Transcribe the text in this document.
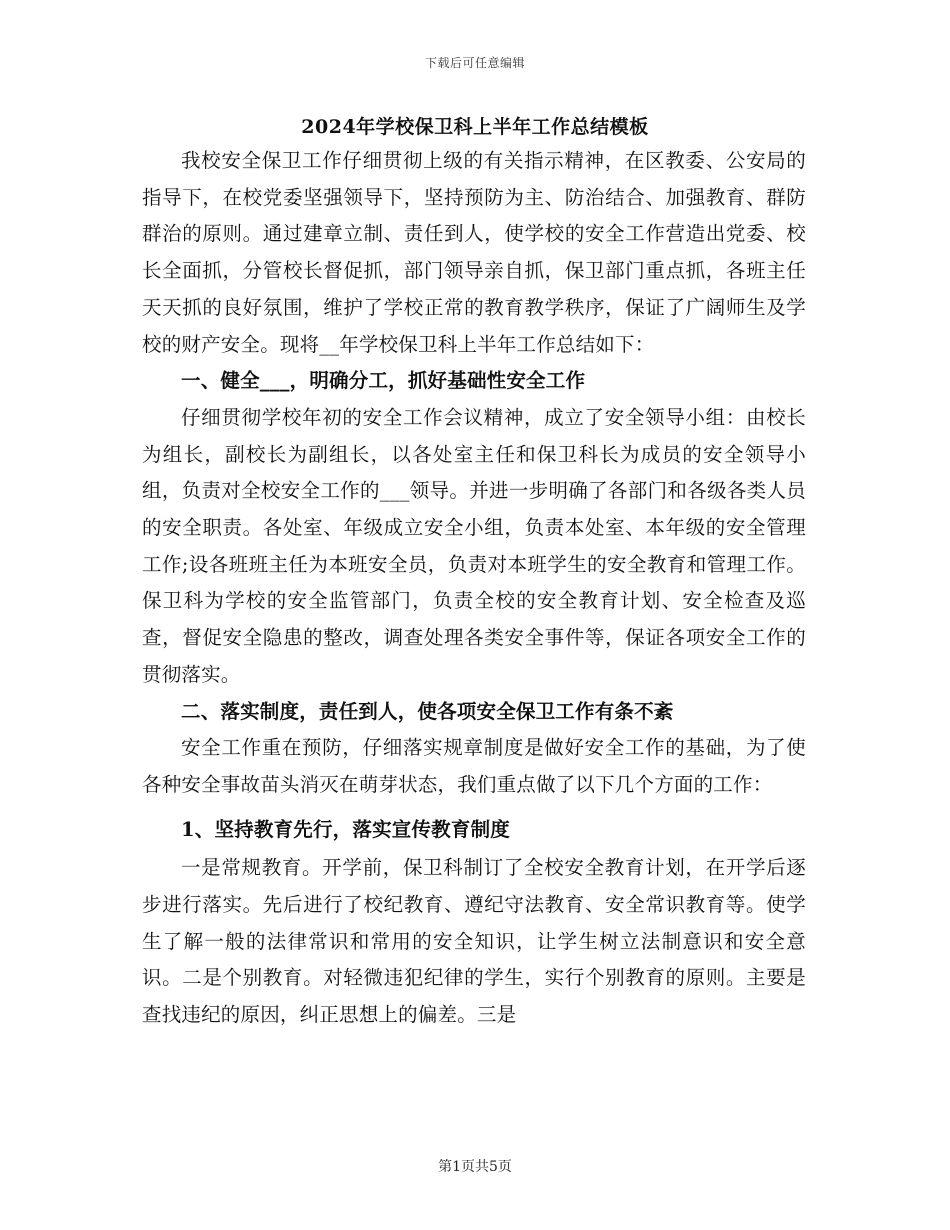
下载后可任意编辑
2024年学校保卫科上半年工作总结模板

我校安全保卫工作仔细贯彻上级的有关指示精神，在区教委、公安局的指导下，在校党委坚强领导下，坚持预防为主、防治结合、加强教育、群防群治的原则。通过建章立制、责任到人，使学校的安全工作营造出党委、校长全面抓，分管校长督促抓，部门领导亲自抓，保卫部门重点抓，各班主任天天抓的良好氛围，维护了学校正常的教育教学秩序，保证了广阔师生及学校的财产安全。现将__年学校保卫科上半年工作总结如下：

一、健全___，明确分工，抓好基础性安全工作

仔细贯彻学校年初的安全工作会议精神，成立了安全领导小组：由校长为组长，副校长为副组长，以各处室主任和保卫科长为成员的安全领导小组，负责对全校安全工作的___领导。并进一步明确了各部门和各级各类人员的安全职责。各处室、年级成立安全小组，负责本处室、本年级的安全管理工作;设各班班主任为本班安全员，负责对本班学生的安全教育和管理工作。保卫科为学校的安全监管部门，负责全校的安全教育计划、安全检查及巡查，督促安全隐患的整改，调查处理各类安全事件等，保证各项安全工作的贯彻落实。

二、落实制度，责任到人，使各项安全保卫工作有条不紊

安全工作重在预防，仔细落实规章制度是做好安全工作的基础，为了使各种安全事故苗头消灭在萌芽状态，我们重点做了以下几个方面的工作：

1、坚持教育先行，落实宣传教育制度

一是常规教育。开学前，保卫科制订了全校安全教育计划，在开学后逐步进行落实。先后进行了校纪教育、遵纪守法教育、安全常识教育等。使学生了解一般的法律常识和常用的安全知识，让学生树立法制意识和安全意识。二是个别教育。对轻微违犯纪律的学生，实行个别教育的原则。主要是查找违纪的原因，纠正思想上的偏差。三是

第1页共5页
